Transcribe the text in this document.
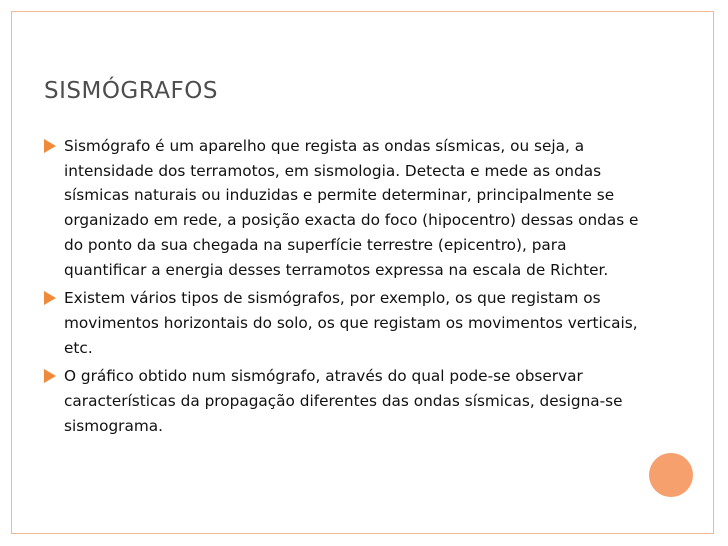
SISMÓGRAFOS
Sismógrafo é um aparelho que regista as ondas sísmicas, ou seja, a intensidade dos terramotos, em sismologia. Detecta e mede as ondas sísmicas naturais ou induzidas e permite determinar, principalmente se organizado em rede, a posição exacta do foco (hipocentro) dessas ondas e do ponto da sua chegada na superfície terrestre (epicentro), para quantificar a energia desses terramotos expressa na escala de Richter.
Existem vários tipos de sismógrafos, por exemplo, os que registam os movimentos horizontais do solo, os que registam os movimentos verticais, etc.
O gráfico obtido num sismógrafo, através do qual pode-se observar características da propagação diferentes das ondas sísmicas, designa-se sismograma.
